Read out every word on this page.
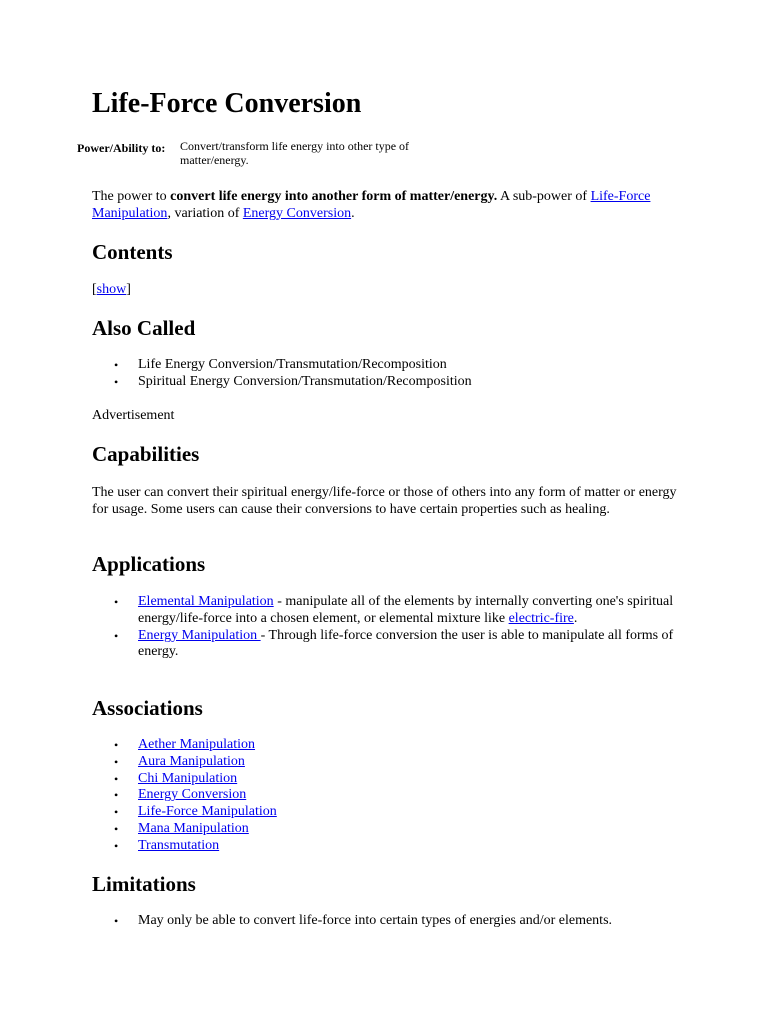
Life-Force Conversion
Power/Ability to: Convert/transform life energy into other type of matter/energy.

The power to convert life energy into another form of matter/energy. A sub-power of Life-Force Manipulation, variation of Energy Conversion.

Contents

[show]

Also Called
• Life Energy Conversion/Transmutation/Recomposition
• Spiritual Energy Conversion/Transmutation/Recomposition

Advertisement

Capabilities

The user can convert their spiritual energy/life-force or those of others into any form of matter or energy for usage. Some users can cause their conversions to have certain properties such as healing.

Applications
• Elemental Manipulation - manipulate all of the elements by internally converting one's spiritual energy/life-force into a chosen element, or elemental mixture like electric-fire.
• Energy Manipulation - Through life-force conversion the user is able to manipulate all forms of energy.
Associations
• Aether Manipulation
• Aura Manipulation
• Chi Manipulation
• Energy Conversion
• Life-Force Manipulation
• Mana Manipulation
• Transmutation
Limitations
• May only be able to convert life-force into certain types of energies and/or elements.
